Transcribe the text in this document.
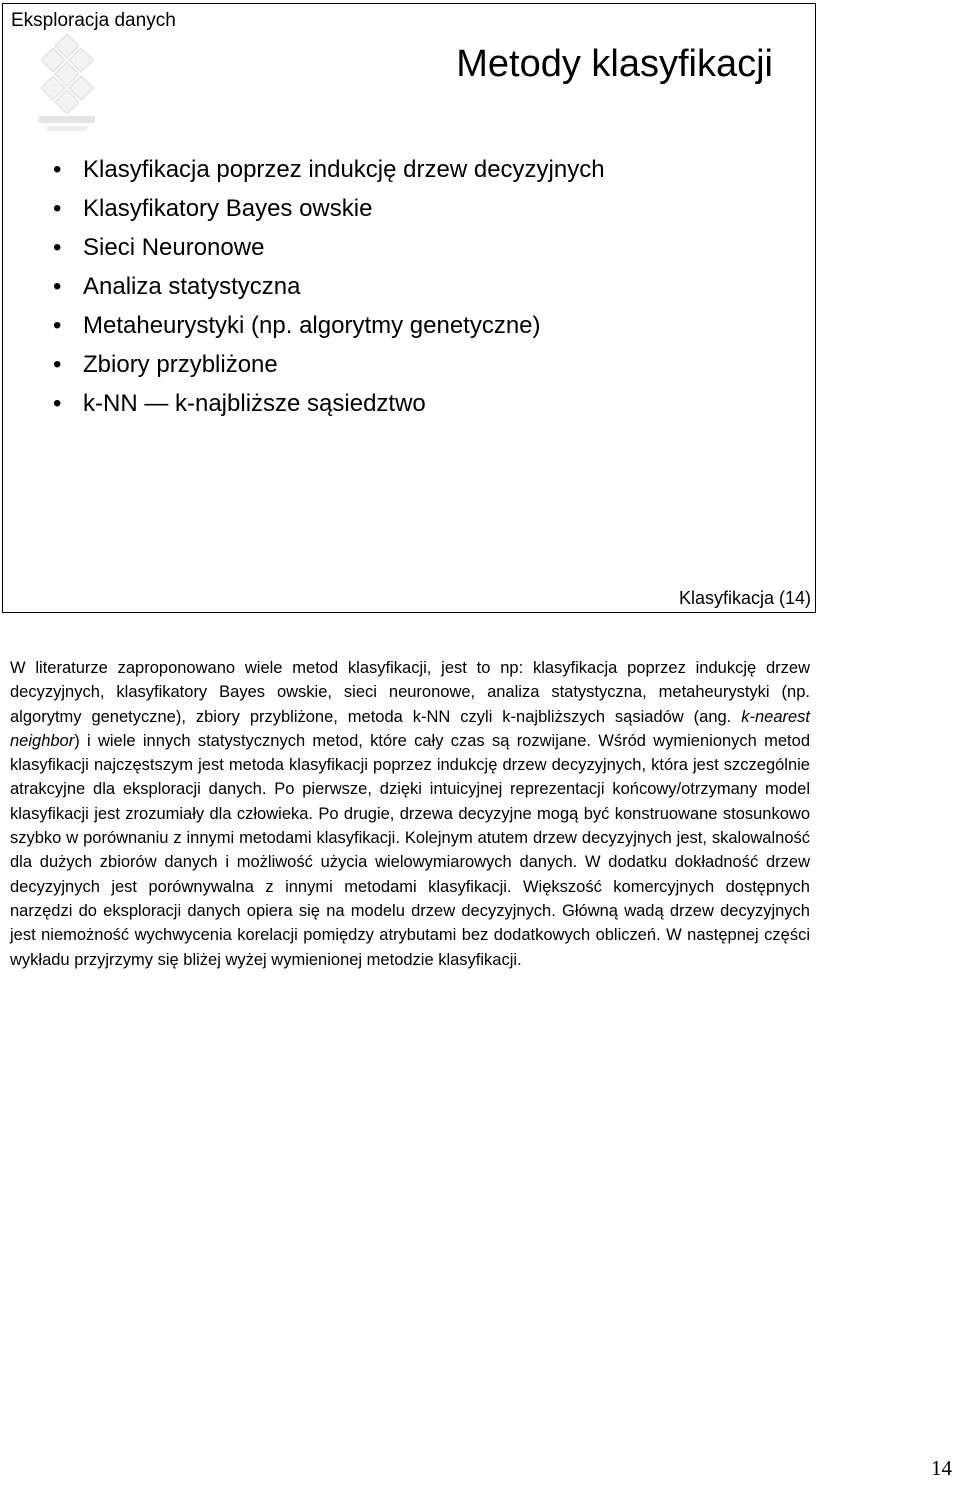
Eksploracja danych
Metody klasyfikacji
• Klasyfikacja poprzez indukcję drzew decyzyjnych
• Klasyfikatory Bayes owskie
• Sieci Neuronowe
• Analiza statystyczna
• Metaheurystyki (np. algorytmy genetyczne)
• Zbiory przybliżone
• k-NN — k-najbliższe sąsiedztwo
Klasyfikacja (14)

W literaturze zaproponowano wiele metod klasyfikacji, jest to np: klasyfikacja poprzez indukcję drzew decyzyjnych, klasyfikatory Bayes owskie, sieci neuronowe, analiza statystyczna, metaheurystyki (np. algorytmy genetyczne), zbiory przybliżone, metoda k-NN czyli k-najbliższych sąsiadów (ang. k-nearest neighbor) i wiele innych statystycznych metod, które cały czas są rozwijane. Wśród wymienionych metod klasyfikacji najczęstszym jest metoda klasyfikacji poprzez indukcję drzew decyzyjnych, która jest szczególnie atrakcyjne dla eksploracji danych. Po pierwsze, dzięki intuicyjnej reprezentacji końcowy/otrzymany model klasyfikacji jest zrozumiały dla człowieka. Po drugie, drzewa decyzyjne mogą być konstruowane stosunkowo szybko w porównaniu z innymi metodami klasyfikacji. Kolejnym atutem drzew decyzyjnych jest, skalowalność dla dużych zbiorów danych i możliwość użycia wielowymiarowych danych. W dodatku dokładność drzew decyzyjnych jest porównywalna z innymi metodami klasyfikacji. Większość komercyjnych dostępnych narzędzi do eksploracji danych opiera się na modelu drzew decyzyjnych. Główną wadą drzew decyzyjnych jest niemożność wychwycenia korelacji pomiędzy atrybutami bez dodatkowych obliczeń. W następnej części wykładu przyjrzymy się bliżej wyżej wymienionej metodzie klasyfikacji.

14
